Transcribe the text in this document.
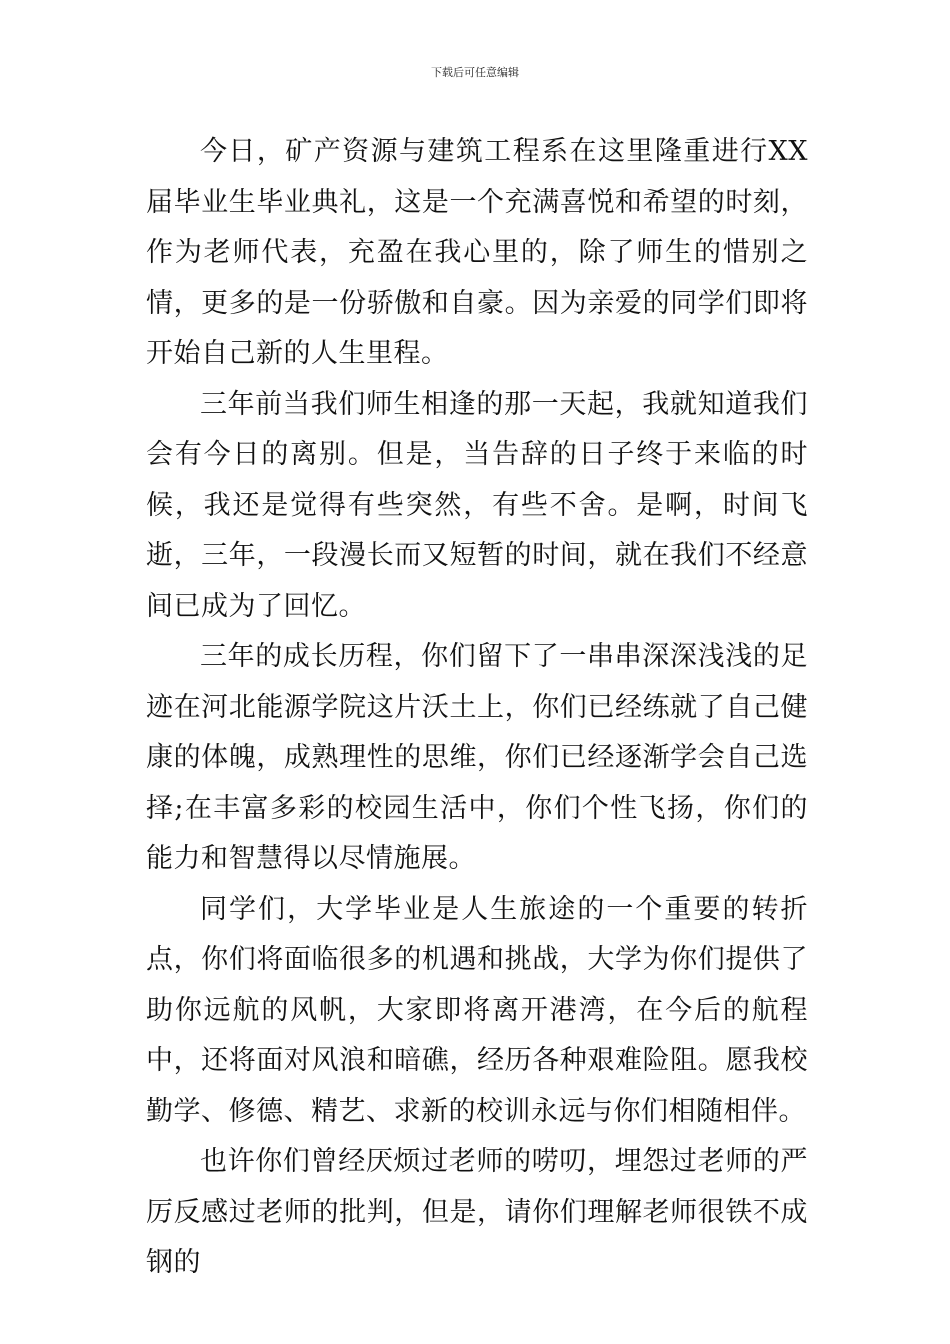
下载后可任意编辑

今日，矿产资源与建筑工程系在这里隆重进行XX届毕业生毕业典礼，这是一个充满喜悦和希望的时刻，作为老师代表，充盈在我心里的，除了师生的惜别之情，更多的是一份骄傲和自豪。因为亲爱的同学们即将开始自己新的人生里程。

三年前当我们师生相逢的那一天起，我就知道我们会有今日的离别。但是，当告辞的日子终于来临的时候，我还是觉得有些突然，有些不舍。是啊，时间飞逝，三年，一段漫长而又短暂的时间，就在我们不经意间已成为了回忆。

三年的成长历程，你们留下了一串串深深浅浅的足迹在河北能源学院这片沃土上，你们已经练就了自己健康的体魄，成熟理性的思维，你们已经逐渐学会自己选择;在丰富多彩的校园生活中，你们个性飞扬，你们的能力和智慧得以尽情施展。

同学们，大学毕业是人生旅途的一个重要的转折点，你们将面临很多的机遇和挑战，大学为你们提供了助你远航的风帆，大家即将离开港湾，在今后的航程中，还将面对风浪和暗礁，经历各种艰难险阻。愿我校勤学、修德、精艺、求新的校训永远与你们相随相伴。

也许你们曾经厌烦过老师的唠叨，埋怨过老师的严厉反感过老师的批判，但是，请你们理解老师很铁不成钢的
